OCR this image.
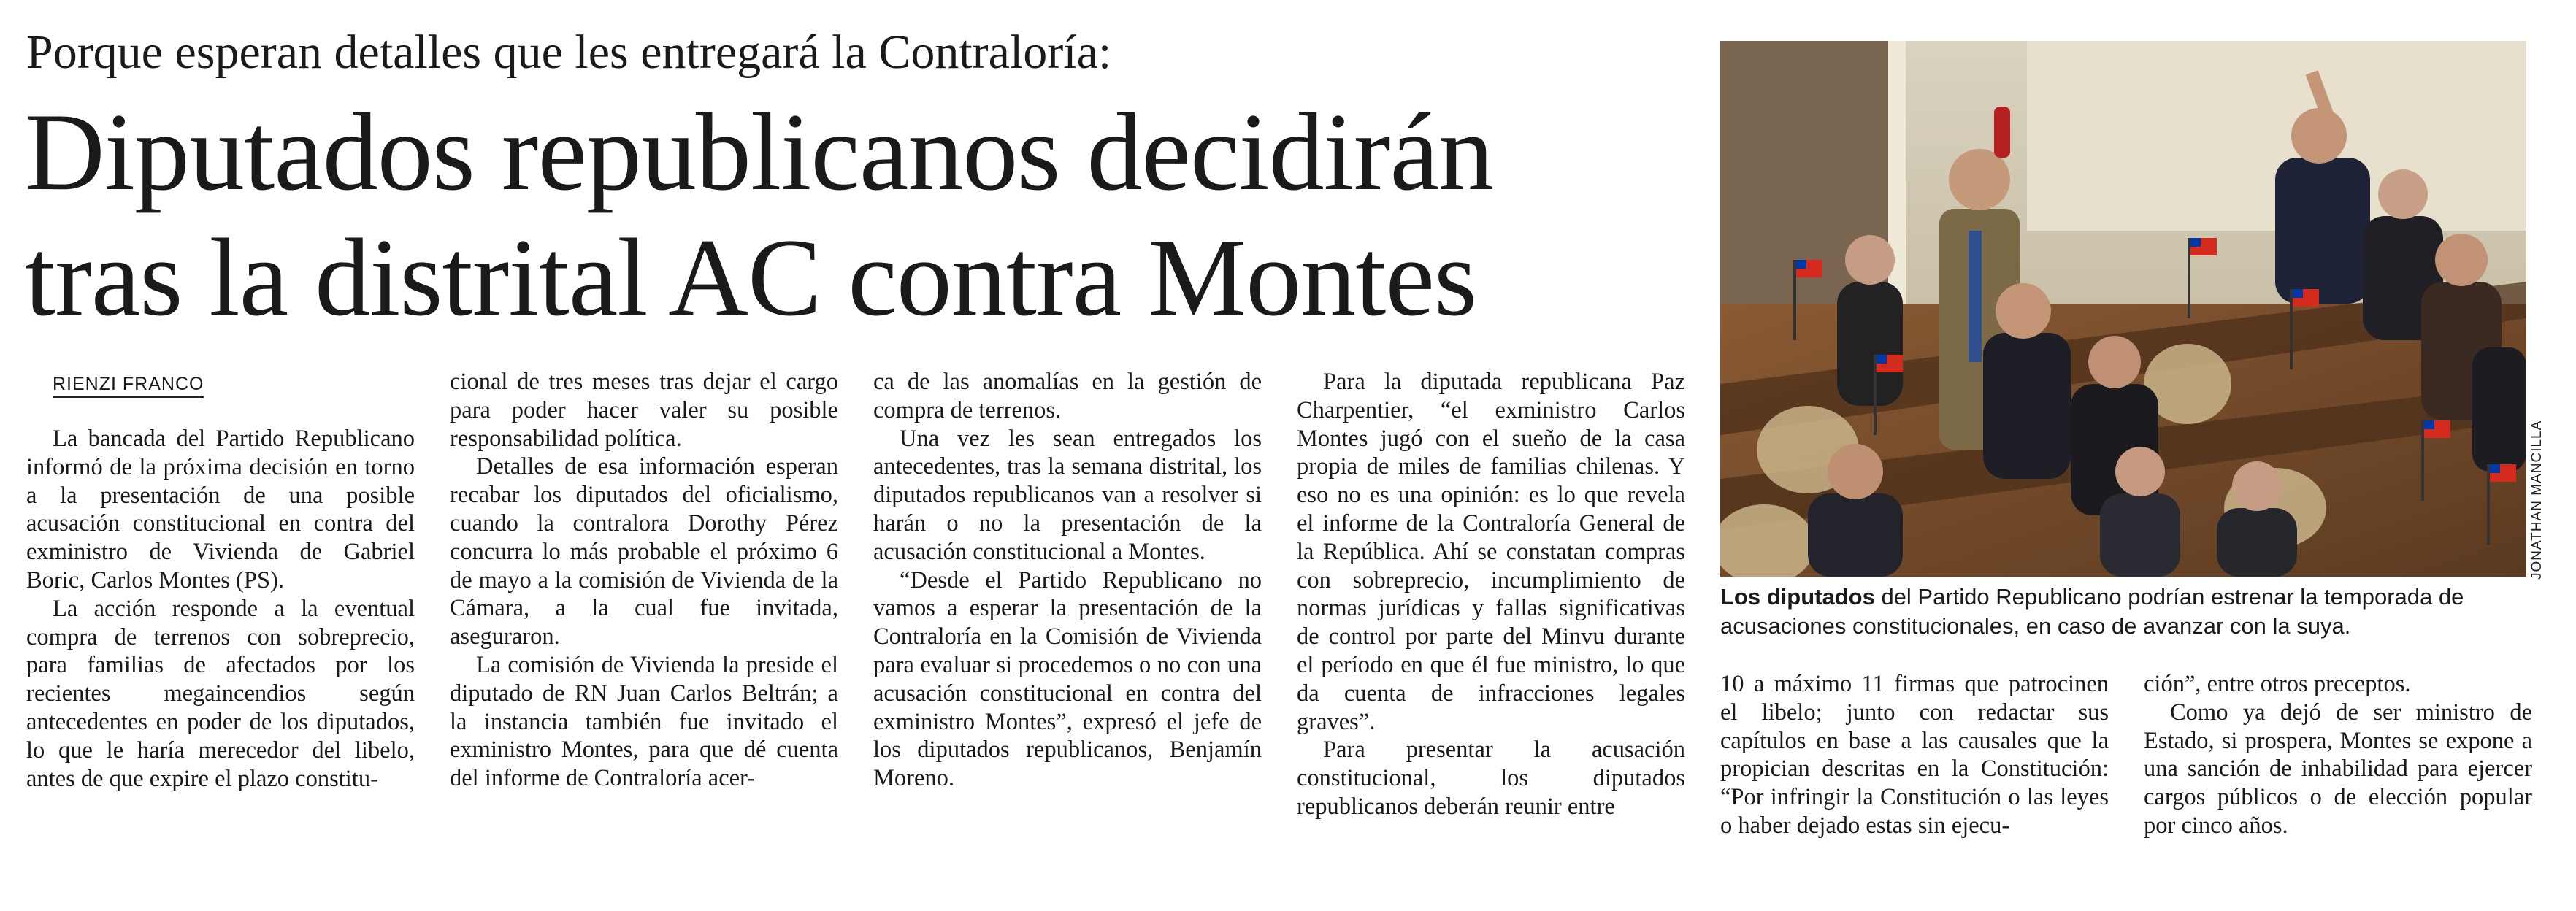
Porque esperan detalles que les entregará la Contraloría:
Diputados republicanos decidirán
tras la distrital AC contra Montes
RIENZI FRANCO

La bancada del Partido Republicano informó de la próxima decisión en torno a la presentación de una posible acusación constitucional en contra del exministro de Vivienda de Gabriel Boric, Carlos Montes (PS).

La acción responde a la eventual compra de terrenos con sobreprecio, para familias de afectados por los recientes megaincendios según antecedentes en poder de los diputados, lo que le haría merecedor del libelo, antes de que expire el plazo constitu-

cional de tres meses tras dejar el cargo para poder hacer valer su posible responsabilidad política.

Detalles de esa información esperan recabar los diputados del oficialismo, cuando la contralora Dorothy Pérez concurra lo más probable el próximo 6 de mayo a la comisión de Vivienda de la Cámara, a la cual fue invitada, aseguraron.

La comisión de Vivienda la preside el diputado de RN Juan Carlos Beltrán; a la instancia también fue invitado el exministro Montes, para que dé cuenta del informe de Contraloría acer-

ca de las anomalías en la gestión de compra de terrenos.

Una vez les sean entregados los antecedentes, tras la semana distrital, los diputados republicanos van a resolver si harán o no la presentación de la acusación constitucional a Montes.

“Desde el Partido Republicano no vamos a esperar la presentación de la Contraloría en la Comisión de Vivienda para evaluar si procedemos o no con una acusación constitucional en contra del exministro Montes”, expresó el jefe de los diputados republicanos, Benjamín Moreno.

Para la diputada republicana Paz Charpentier, “el exministro Carlos Montes jugó con el sueño de la casa propia de miles de familias chilenas. Y eso no es una opinión: es lo que revela el informe de la Contraloría General de la República. Ahí se constatan compras con sobreprecio, incumplimiento de normas jurídicas y fallas significativas de control por parte del Minvu durante el período en que él fue ministro, lo que da cuenta de infracciones legales graves”.

Para presentar la acusación constitucional, los diputados republicanos deberán reunir entre

10 a máximo 11 firmas que patrocinen el libelo; junto con redactar sus capítulos en base a las causales que la propician descritas en la Constitución: “Por infringir la Constitución o las leyes o haber dejado estas sin ejecu-

ción”, entre otros preceptos.

Como ya dejó de ser ministro de Estado, si prospera, Montes se expone a una sanción de inhabilidad para ejercer cargos públicos o de elección popular por cinco años.

JONATHAN MANCILLA
Los diputados del Partido Republicano podrían estrenar la temporada de acusaciones constitucionales, en caso de avanzar con la suya.
